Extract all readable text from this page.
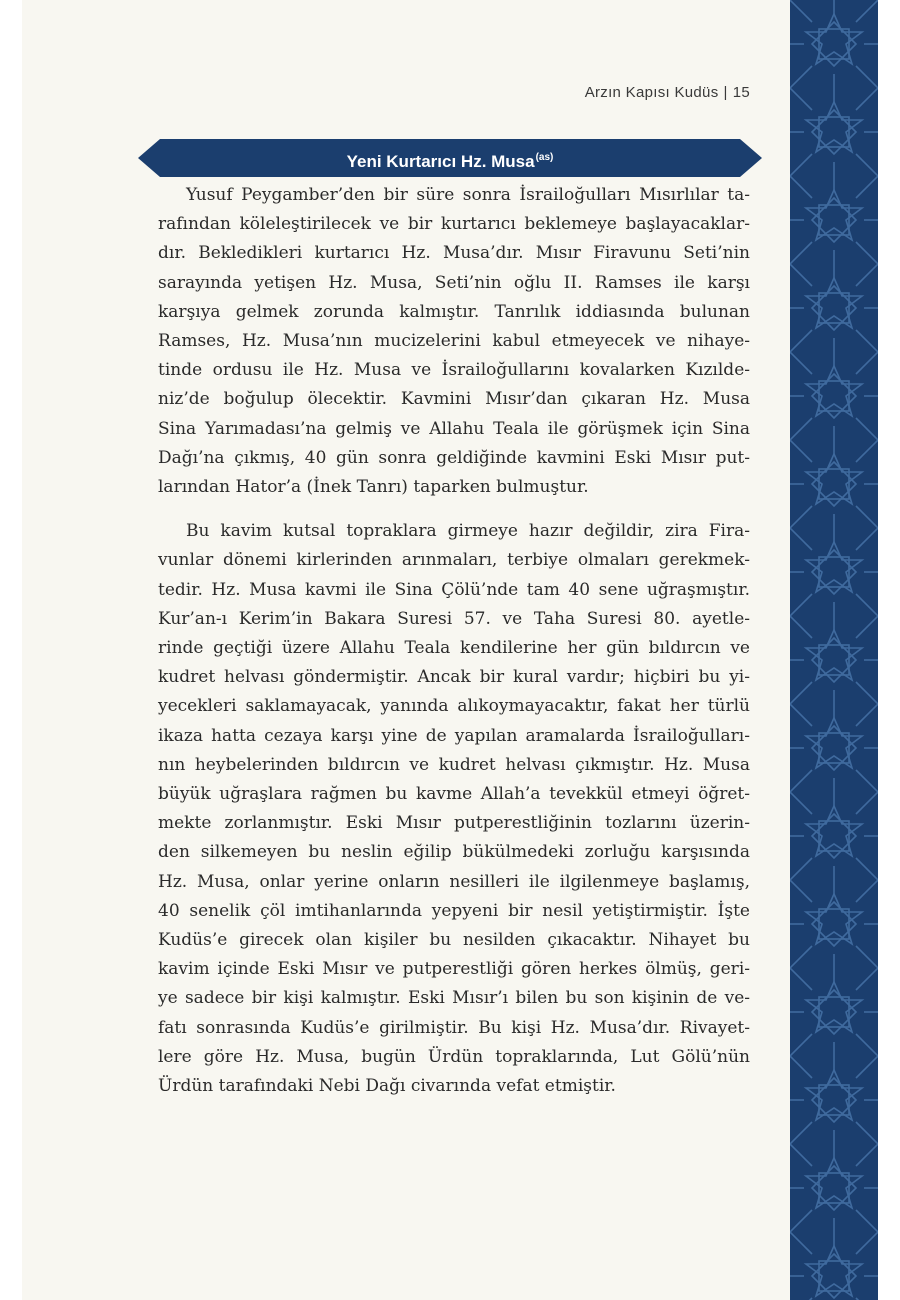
Arzın Kapısı Kudüs | 15
Yeni Kurtarıcı Hz. Musa$^{(as)}$
Yusuf Peygamber’den bir süre sonra İsrailoğulları Mısırlılar ta-
rafından köleleştirilecek ve bir kurtarıcı beklemeye başlayacaklar-
dır. Bekledikleri kurtarıcı Hz. Musa’dır. Mısır Firavunu Seti’nin
sarayında yetişen Hz. Musa, Seti’nin oğlu II. Ramses ile karşı
karşıya gelmek zorunda kalmıştır. Tanrılık iddiasında bulunan
Ramses, Hz. Musa’nın mucizelerini kabul etmeyecek ve nihaye-
tinde ordusu ile Hz. Musa ve İsrailoğullarını kovalarken Kızılde-
niz’de boğulup ölecektir. Kavmini Mısır’dan çıkaran Hz. Musa
Sina Yarımadası’na gelmiş ve Allahu Teala ile görüşmek için Sina
Dağı’na çıkmış, 40 gün sonra geldiğinde kavmini Eski Mısır put-
larından Hator’a (İnek Tanrı) taparken bulmuştur.
Bu kavim kutsal topraklara girmeye hazır değildir, zira Fira-
vunlar dönemi kirlerinden arınmaları, terbiye olmaları gerekmek-
tedir. Hz. Musa kavmi ile Sina Çölü’nde tam 40 sene uğraşmıştır.
Kur’an-ı Kerim’in Bakara Suresi 57. ve Taha Suresi 80. ayetle-
rinde geçtiği üzere Allahu Teala kendilerine her gün bıldırcın ve
kudret helvası göndermiştir. Ancak bir kural vardır; hiçbiri bu yi-
yecekleri saklamayacak, yanında alıkoymayacaktır, fakat her türlü
ikaza hatta cezaya karşı yine de yapılan aramalarda İsrailoğulları-
nın heybelerinden bıldırcın ve kudret helvası çıkmıştır. Hz. Musa
büyük uğraşlara rağmen bu kavme Allah’a tevekkül etmeyi öğret-
mekte zorlanmıştır. Eski Mısır putperestliğinin tozlarını üzerin-
den silkemeyen bu neslin eğilip bükülmedeki zorluğu karşısında
Hz. Musa, onlar yerine onların nesilleri ile ilgilenmeye başlamış,
40 senelik çöl imtihanlarında yepyeni bir nesil yetiştirmiştir. İşte
Kudüs’e girecek olan kişiler bu nesilden çıkacaktır. Nihayet bu
kavim içinde Eski Mısır ve putperestliği gören herkes ölmüş, geri-
ye sadece bir kişi kalmıştır. Eski Mısır’ı bilen bu son kişinin de ve-
fatı sonrasında Kudüs’e girilmiştir. Bu kişi Hz. Musa’dır. Rivayet-
lere göre Hz. Musa, bugün Ürdün topraklarında, Lut Gölü’nün
Ürdün tarafındaki Nebi Dağı civarında vefat etmiştir.
